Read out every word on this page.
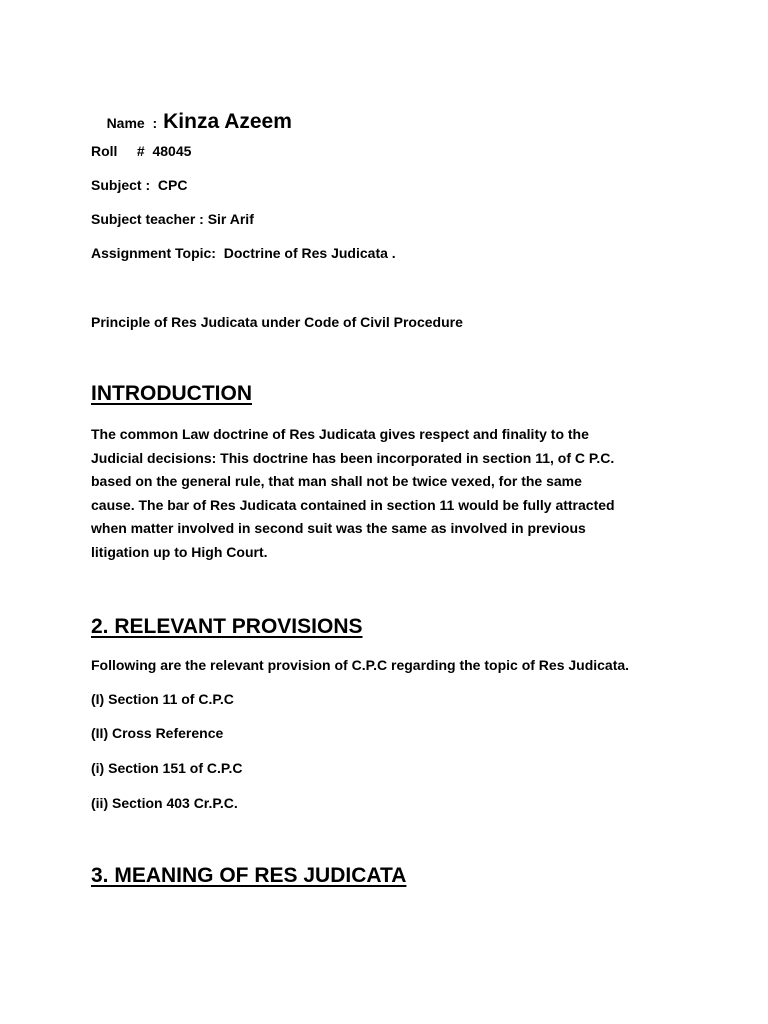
Name  : Kinza Azeem

Roll     #  48045
Subject :  CPC
Subject teacher : Sir Arif
Assignment Topic:  Doctrine of Res Judicata .
Principle of Res Judicata under Code of Civil Procedure
INTRODUCTION
The common Law doctrine of Res Judicata gives respect and finality to the
Judicial decisions: This doctrine has been incorporated in section 11, of C P.C.
based on the general rule, that man shall not be twice vexed, for the same
cause. The bar of Res Judicata contained in section 11 would be fully attracted
when matter involved in second suit was the same as involved in previous
litigation up to High Court.
2. RELEVANT PROVISIONS
Following are the relevant provision of C.P.C regarding the topic of Res Judicata.
(I) Section 11 of C.P.C
(II) Cross Reference
(i) Section 151 of C.P.C
(ii) Section 403 Cr.P.C.
3. MEANING OF RES JUDICATA
